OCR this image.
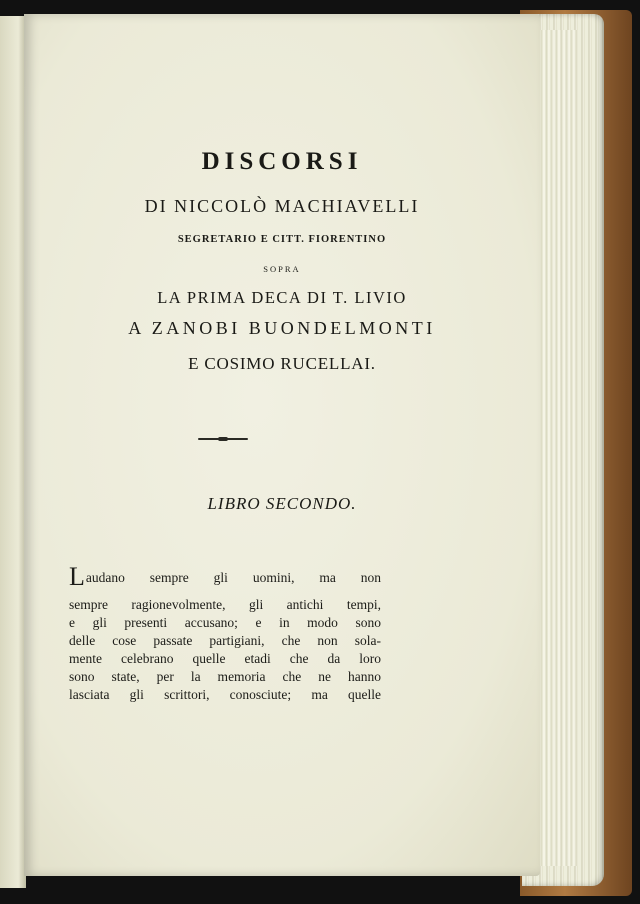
DISCORSI

DI NICCOLÒ MACHIAVELLI

SEGRETARIO E CITT. FIORENTINO

SOPRA

LA PRIMA DECA DI T. LIVIO

A ZANOBI BUONDELMONTI

E COSIMO RUCELLAI.

LIBRO SECONDO.

Laudano sempre gli uomini, ma non

sempre ragionevolmente, gli antichi tempi,

e gli presenti accusano; e in modo sono

delle cose passate partigiani, che non sola-

mente celebrano quelle etadi che da loro

sono state, per la memoria che ne hanno

lasciata gli scrittori, conosciute; ma quelle
